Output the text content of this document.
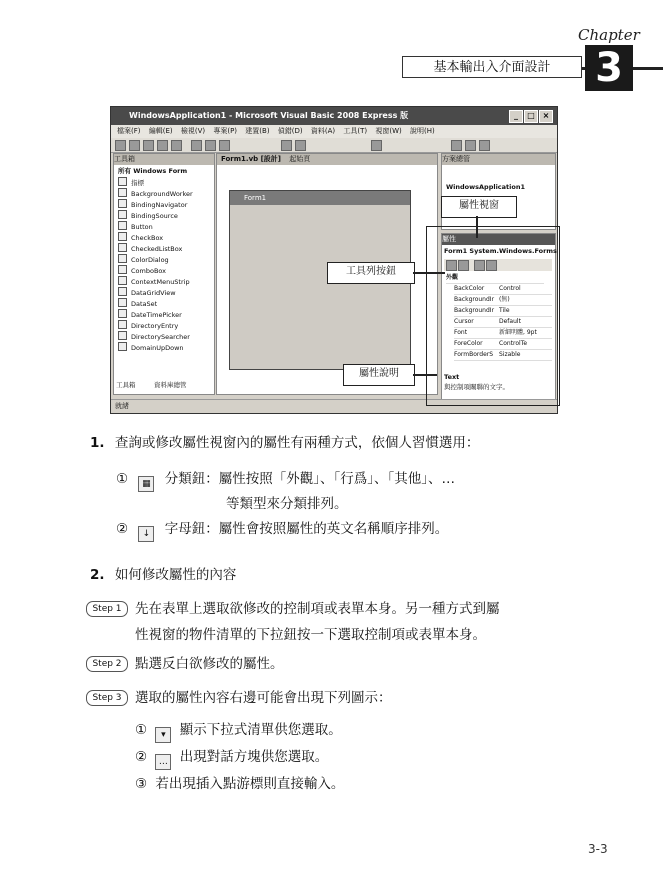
Chapter
基本輸出入介面設計	3
WindowsApplication1 - Microsoft Visual Basic 2008 Express 版	_	□ ×
檔案(F) 編輯(E) 檢視(V) 專案(P) 建置(B) 偵錯(D) 資料(A) 工具(T) 視窗(W) 說明(H)
工具箱
所有 Windows Form
指標
BackgroundWorker
BindingNavigator
BindingSource
Button
CheckBox
CheckedListBox
ColorDialog
ComboBox
ContextMenuStrip
DataGridView
DataSet
DateTimePicker
DirectoryEntry
DirectorySearcher
DomainUpDown
工具箱	資料庫總管
Form1.vb [設計] 起始頁
Form1
方案總管
WindowsApplication1
屬性
Form1 System.Windows.Forms
外觀
BackColor Control
BackgroundIr (無)
BackgroundIr Tile
Cursor	Default
Font	新細明體, 9pt
ForeColor	ControlTe
FormBorderS Sizable
Text
與控制項關聯的文字。
就緒
屬性視窗
工具列按鈕
屬性說明
1. 查詢或修改屬性視窗內的屬性有兩種方式，依個人習慣選用：
① ▦ 分類鈕：屬性按照「外觀」、「行爲」、「其他」、…
等類型來分類排列。
② ↓ 字母鈕：屬性會按照屬性的英文名稱順序排列。
2. 如何修改屬性的內容
Step 1 先在表單上選取欲修改的控制項或表單本身。另一種方式到屬
性視窗的物件清單的下拉鈕按一下選取控制項或表單本身。
Step 2 點選反白欲修改的屬性。
Step 3 選取的屬性內容右邊可能會出現下列圖示：
① ▾ 顯示下拉式清單供您選取。
② … 出現對話方塊供您選取。
③ 若出現插入點游標則直接輸入。
3-3
